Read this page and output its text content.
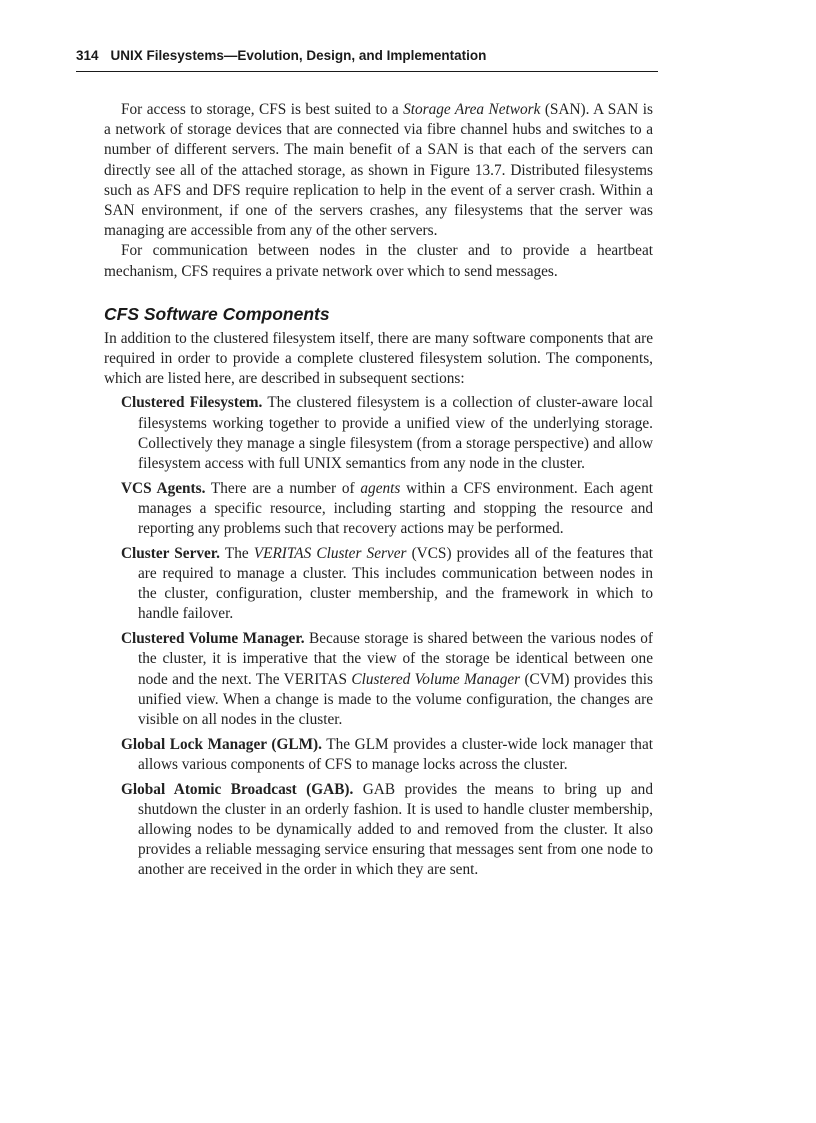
314 UNIX Filesystems—Evolution, Design, and Implementation

For access to storage, CFS is best suited to a Storage Area Network (SAN). A SAN is a network of storage devices that are connected via fibre channel hubs and switches to a number of different servers. The main benefit of a SAN is that each of the servers can directly see all of the attached storage, as shown in Figure 13.7. Distributed filesystems such as AFS and DFS require replication to help in the event of a server crash. Within a SAN environment, if one of the servers crashes, any filesystems that the server was managing are accessible from any of the other servers.

For communication between nodes in the cluster and to provide a heartbeat mechanism, CFS requires a private network over which to send messages.

CFS Software Components

In addition to the clustered filesystem itself, there are many software components that are required in order to provide a complete clustered filesystem solution. The components, which are listed here, are described in subsequent sections:

Clustered Filesystem. The clustered filesystem is a collection of cluster-aware local filesystems working together to provide a unified view of the underlying storage. Collectively they manage a single filesystem (from a storage perspective) and allow filesystem access with full UNIX semantics from any node in the cluster.
VCS Agents. There are a number of agents within a CFS environment. Each agent manages a specific resource, including starting and stopping the resource and reporting any problems such that recovery actions may be performed.
Cluster Server. The VERITAS Cluster Server (VCS) provides all of the features that are required to manage a cluster. This includes communication between nodes in the cluster, configuration, cluster membership, and the framework in which to handle failover.
Clustered Volume Manager. Because storage is shared between the various nodes of the cluster, it is imperative that the view of the storage be identical between one node and the next. The VERITAS Clustered Volume Manager (CVM) provides this unified view. When a change is made to the volume configuration, the changes are visible on all nodes in the cluster.
Global Lock Manager (GLM). The GLM provides a cluster-wide lock manager that allows various components of CFS to manage locks across the cluster.
Global Atomic Broadcast (GAB). GAB provides the means to bring up and shutdown the cluster in an orderly fashion. It is used to handle cluster membership, allowing nodes to be dynamically added to and removed from the cluster. It also provides a reliable messaging service ensuring that messages sent from one node to another are received in the order in which they are sent.
